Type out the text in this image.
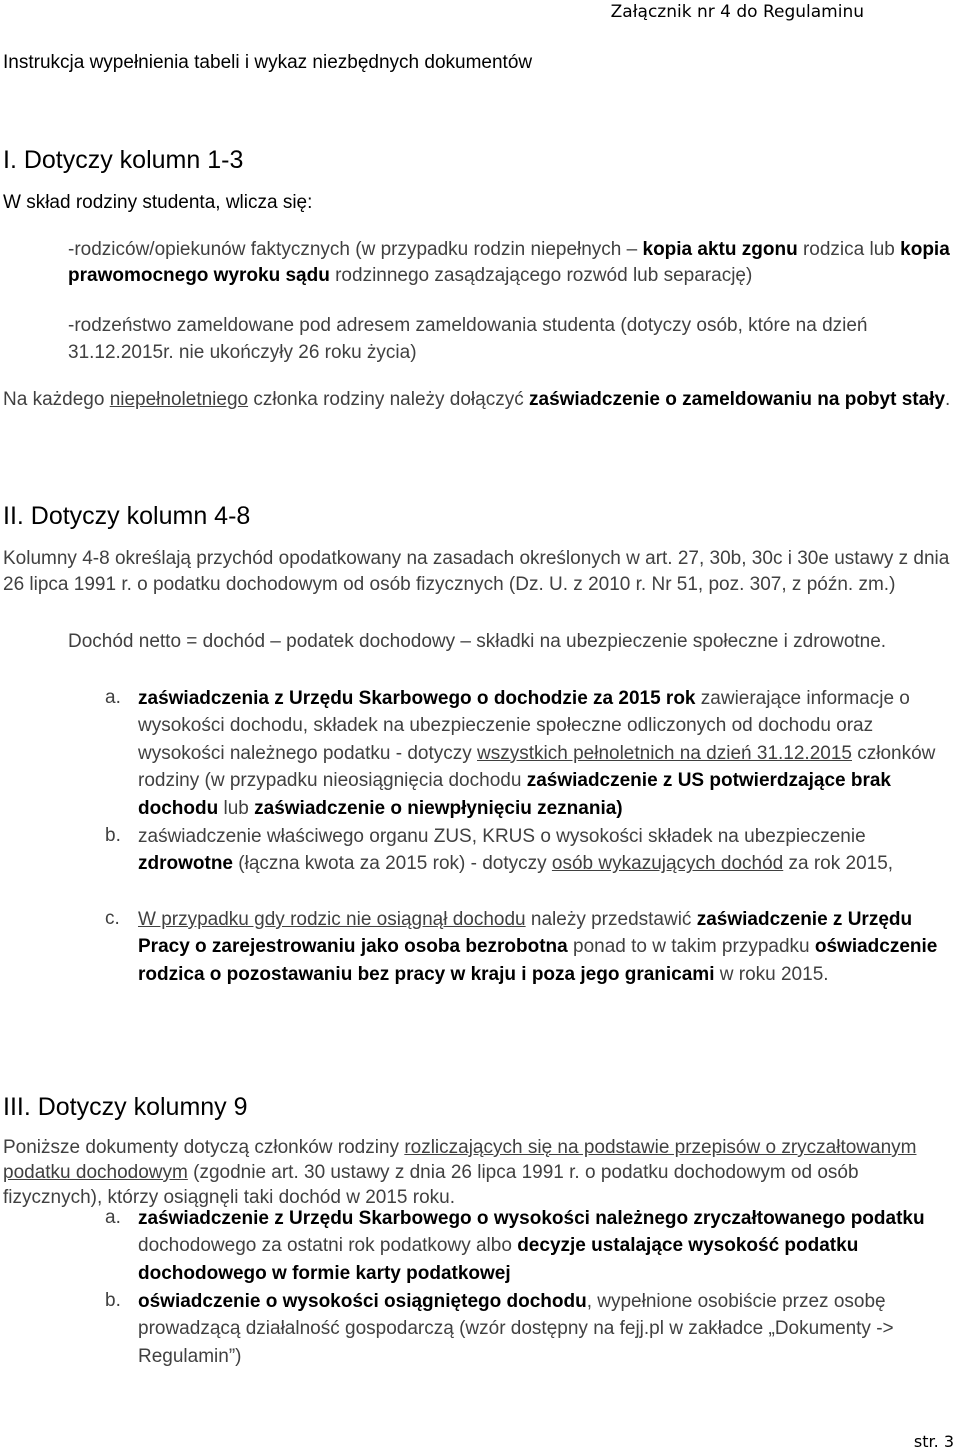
Załącznik nr 4 do Regulaminu
Instrukcja wypełnienia tabeli i wykaz niezbędnych dokumentów
I. Dotyczy kolumn 1-3
W skład rodziny studenta, wlicza się:
-rodziców/opiekunów faktycznych (w przypadku rodzin niepełnych – kopia aktu zgonu rodzica lub kopia prawomocnego wyroku sądu rodzinnego zasądzającego rozwód lub separację)
-rodzeństwo zameldowane pod adresem zameldowania studenta (dotyczy osób, które na dzień 31.12.2015r. nie ukończyły 26 roku życia)
Na każdego niepełnoletniego członka rodziny należy dołączyć zaświadczenie o zameldowaniu na pobyt stały.
II. Dotyczy kolumn 4-8
Kolumny 4-8 określają przychód opodatkowany na zasadach określonych w art. 27, 30b, 30c i 30e ustawy z dnia 26 lipca 1991 r. o podatku dochodowym od osób fizycznych (Dz. U. z 2010 r. Nr 51, poz. 307, z późn. zm.)
Dochód netto = dochód – podatek dochodowy – składki na ubezpieczenie społeczne i zdrowotne.
a. zaświadczenia z Urzędu Skarbowego o dochodzie za 2015 rok zawierające informacje o wysokości dochodu, składek na ubezpieczenie społeczne odliczonych od dochodu oraz wysokości należnego podatku - dotyczy wszystkich pełnoletnich na dzień 31.12.2015 członków rodziny (w przypadku nieosiągnięcia dochodu zaświadczenie z US potwierdzające brak dochodu lub zaświadczenie o niewpłynięciu zeznania)
b. zaświadczenie właściwego organu ZUS, KRUS o wysokości składek na ubezpieczenie zdrowotne (łączna kwota za 2015 rok) - dotyczy osób wykazujących dochód za rok 2015,
c. W przypadku gdy rodzic nie osiągnął dochodu należy przedstawić zaświadczenie z Urzędu Pracy o zarejestrowaniu jako osoba bezrobotna ponad to w takim przypadku oświadczenie rodzica o pozostawaniu bez pracy w kraju i poza jego granicami w roku 2015.
III. Dotyczy kolumny 9
Poniższe dokumenty dotyczą członków rodziny rozliczających się na podstawie przepisów o zryczałtowanym podatku dochodowym (zgodnie art. 30 ustawy z dnia 26 lipca 1991 r. o podatku dochodowym od osób fizycznych), którzy osiągnęli taki dochód w 2015 roku.
a. zaświadczenie z Urzędu Skarbowego o wysokości należnego zryczałtowanego podatku dochodowego za ostatni rok podatkowy albo decyzje ustalające wysokość podatku dochodowego w formie karty podatkowej
b. oświadczenie o wysokości osiągniętego dochodu, wypełnione osobiście przez osobę prowadzącą działalność gospodarczą (wzór dostępny na fejj.pl w zakładce „Dokumenty -> Regulamin”)
str. 3
